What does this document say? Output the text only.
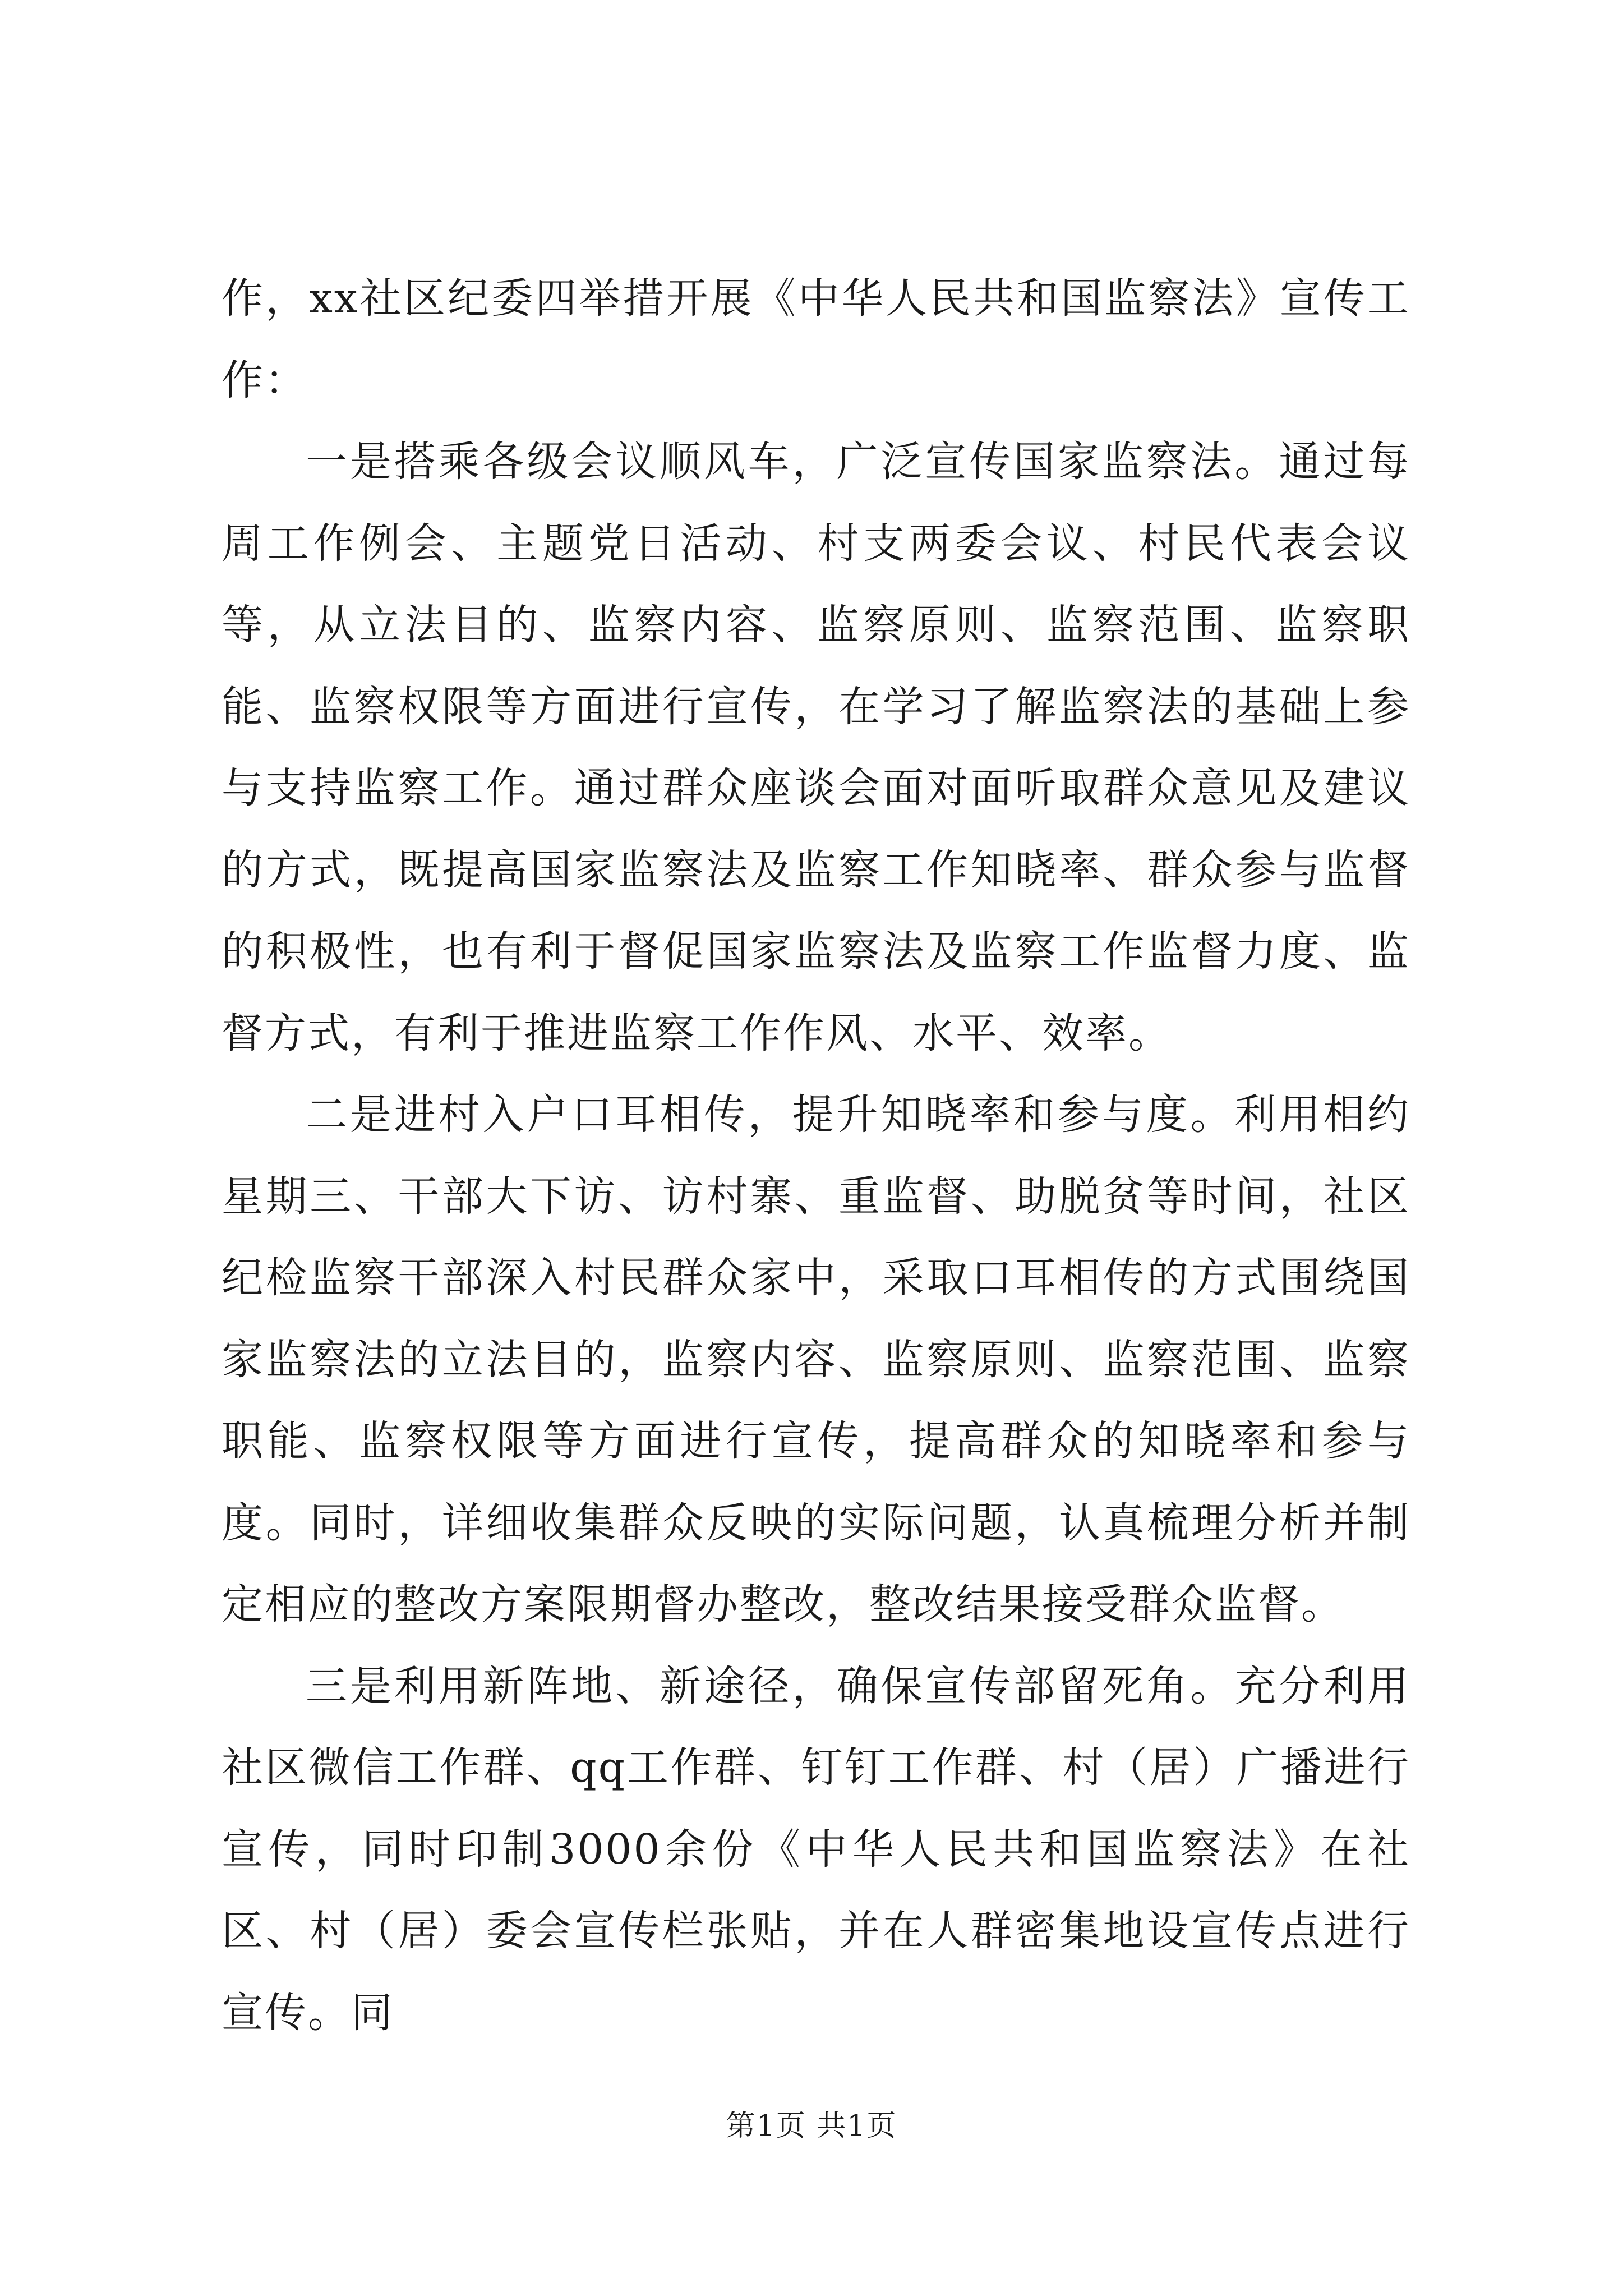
作，xx社区纪委四举措开展《中华人民共和国监察法》宣传工作：

一是搭乘各级会议顺风车，广泛宣传国家监察法。通过每周工作例会、主题党日活动、村支两委会议、村民代表会议等，从立法目的、监察内容、监察原则、监察范围、监察职能、监察权限等方面进行宣传，在学习了解监察法的基础上参与支持监察工作。通过群众座谈会面对面听取群众意见及建议的方式，既提高国家监察法及监察工作知晓率、群众参与监督的积极性，也有利于督促国家监察法及监察工作监督力度、监督方式，有利于推进监察工作作风、水平、效率。

二是进村入户口耳相传，提升知晓率和参与度。利用相约星期三、干部大下访、访村寨、重监督、助脱贫等时间，社区纪检监察干部深入村民群众家中，采取口耳相传的方式围绕国家监察法的立法目的，监察内容、监察原则、监察范围、监察职能、监察权限等方面进行宣传，提高群众的知晓率和参与度。同时，详细收集群众反映的实际问题，认真梳理分析并制定相应的整改方案限期督办整改，整改结果接受群众监督。

三是利用新阵地、新途径，确保宣传部留死角。充分利用社区微信工作群、qq工作群、钉钉工作群、村（居）广播进行宣传，同时印制3000余份《中华人民共和国监察法》在社区、村（居）委会宣传栏张贴，并在人群密集地设宣传点进行宣传。同

第1页 共1页
